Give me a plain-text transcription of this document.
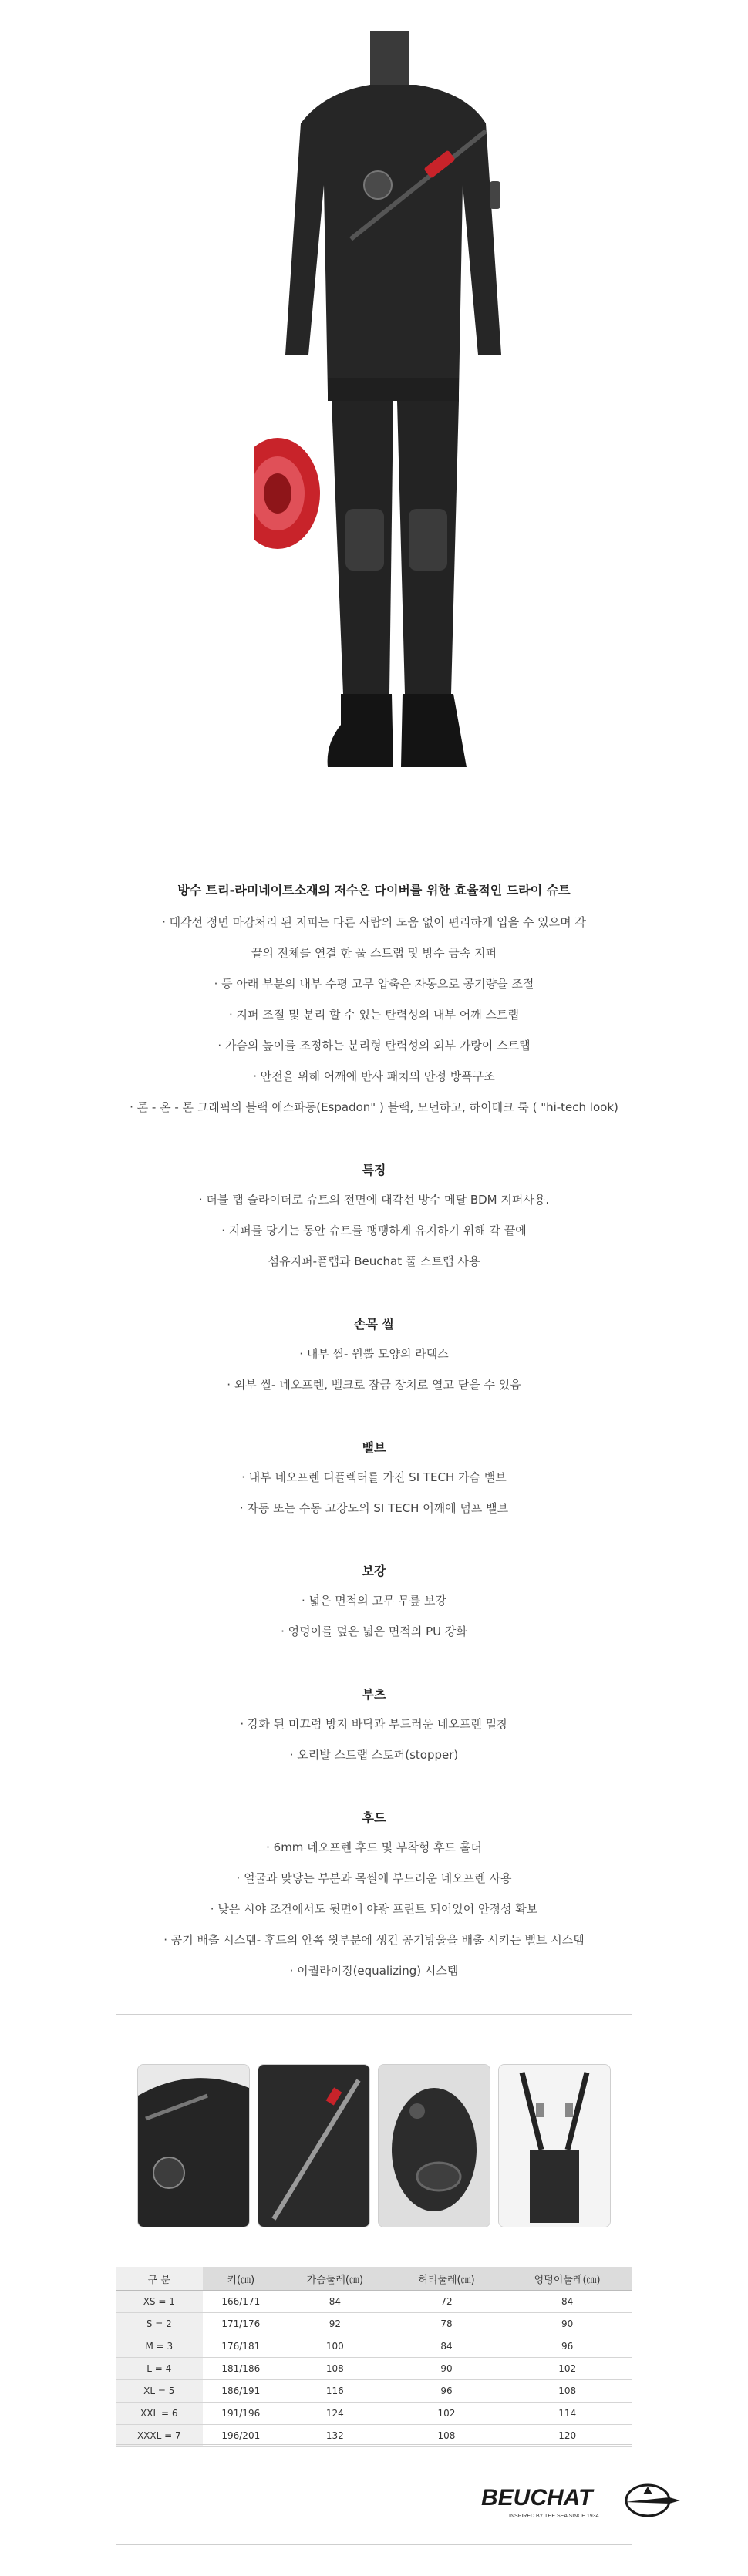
방수 트리-라미네이트소재의 저수온 다이버를 위한 효율적인 드라이 슈트
· 대각선 정면 마감처리 된 지퍼는 다른 사람의 도움 없이 편리하게 입을 수 있으며 각
끝의 전체를 연결 한 풀 스트랩 및 방수 금속 지퍼
· 등 아래 부분의 내부 수평 고무 압축은 자동으로 공기량을 조절
· 지퍼 조절 및 분리 할 수 있는 탄력성의 내부 어깨 스트랩
· 가슴의 높이를 조정하는 분리형 탄력성의 외부 가랑이 스트랩
· 안전을 위해 어깨에 반사 패치의 안정 방폭구조
· 톤 - 온 - 톤 그래픽의 블랙 에스파동(Espadon" ) 블랙, 모던하고, 하이테크 룩 ( "hi-tech look)
특징
· 더블 탭 슬라이더로 슈트의 전면에 대각선 방수 메탈 BDM 지퍼사용.
· 지퍼를 당기는 동안 슈트를 팽팽하게 유지하기 위해 각 끝에
섬유지퍼-플랩과 Beuchat 풀 스트랩 사용
손목 씰
· 내부 씰- 원뿔 모양의 라텍스
· 외부 씰- 네오프렌, 벨크로 잠금 장치로 열고 닫을 수 있음
밸브
· 내부 네오프렌 디플렉터를 가진 SI TECH 가슴 밸브
· 자동 또는 수동 고강도의 SI TECH 어깨에 덤프 밸브
보강
· 넓은 면적의 고무 무릎 보강
· 엉덩이를 덮은 넓은 면적의 PU 강화
부츠
· 강화 된 미끄럼 방지 바닥과 부드러운 네오프렌 밑창
· 오리발 스트랩 스토퍼(stopper)
후드
· 6mm 네오프렌 후드 및 부착형 후드 홀더
· 얼굴과 맞닿는 부분과 목씰에 부드러운 네오프렌 사용
· 낮은 시야 조건에서도 뒷면에 야광 프린트 되어있어 안정성 확보
· 공기 배출 시스템- 후드의 안쪽 윗부분에 생긴 공기방울을 배출 시키는 밸브 시스템
· 이퀄라이징(equalizing) 시스템
구 분	키(㎝)	가슴둘레(㎝)	허리둘레(㎝)	엉덩이둘레(㎝)
XS = 1	166/171	84	72	84
S = 2	171/176	92	78	90
M = 3	176/181	100	84	96
L = 4	181/186	108	90	102
XL = 5	186/191	116	96	108
XXL = 6	191/196	124	102	114
XXXL = 7	196/201	132	108	120
BEUCHAT
INSPIRED BY THE SEA SINCE 1934
